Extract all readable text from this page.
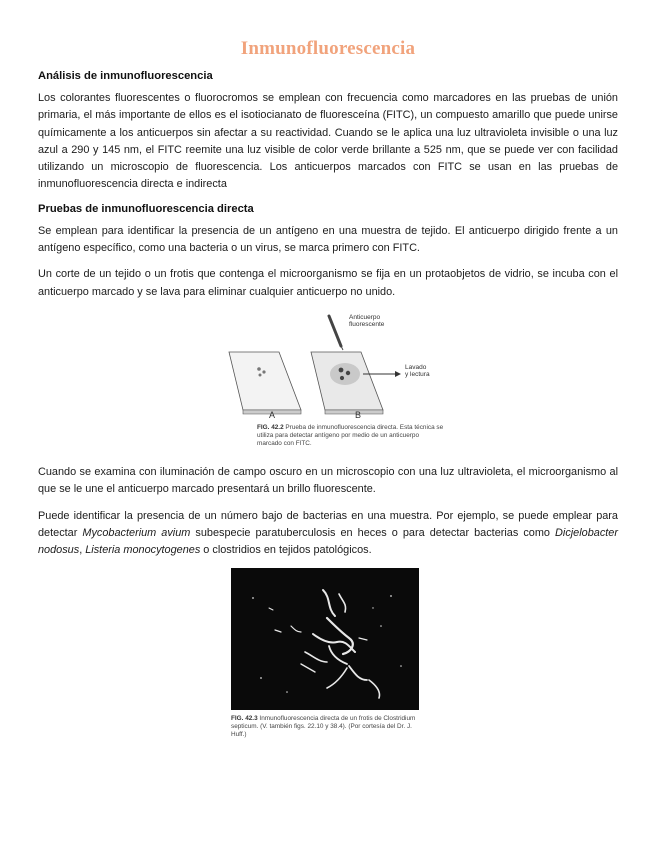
Inmunofluorescencia
Análisis de inmunofluorescencia

Los colorantes fluorescentes o fluorocromos se emplean con frecuencia como marcadores en las pruebas de unión primaria, el más importante de ellos es el isotiocianato de fluoresceína (FITC), un compuesto amarillo que puede unirse químicamente a los anticuerpos sin afectar a su reactividad. Cuando se le aplica una luz ultravioleta invisible o una luz azul a 290 y 145 nm, el FITC reemite una luz visible de color verde brillante a 525 nm, que se puede ver con facilidad utilizando un microscopio de fluorescencia. Los anticuerpos marcados con FITC se usan en las pruebas de inmunofluorescencia directa e indirecta

Pruebas de inmunofluorescencia directa

Se emplean para identificar la presencia de un antígeno en una muestra de tejido. El anticuerpo dirigido frente a un antígeno específico, como una bacteria o un virus, se marca primero con FITC.

Un corte de un tejido o un frotis que contenga el microorganismo se fija en un protaobjetos de vidrio, se incuba con el anticuerpo marcado y se lava para eliminar cualquier anticuerpo no unido.

Anticuerpo
fluorescente
Lavado
y lectura
A	B
FIG. 42.2 Prueba de inmunofluorescencia directa. Esta técnica se utiliza para detectar antígeno por medio de un anticuerpo marcado con FITC.

Cuando se examina con iluminación de campo oscuro en un microscopio con una luz ultravioleta, el microorganismo al que se le une el anticuerpo marcado presentará un brillo fluorescente.

Puede identificar la presencia de un número bajo de bacterias en una muestra. Por ejemplo, se puede emplear para detectar Mycobacterium avium subespecie paratuberculosis en heces o para detectar bacterias como Dicjelobacter nodosus, Listeria monocytogenes o clostridios en tejidos patológicos.

FIG. 42.3 Inmunofluorescencia directa de un frotis de Clostridium septicum. (V. también figs. 22.10 y 38.4). (Por cortesía del Dr. J. Huff.)
